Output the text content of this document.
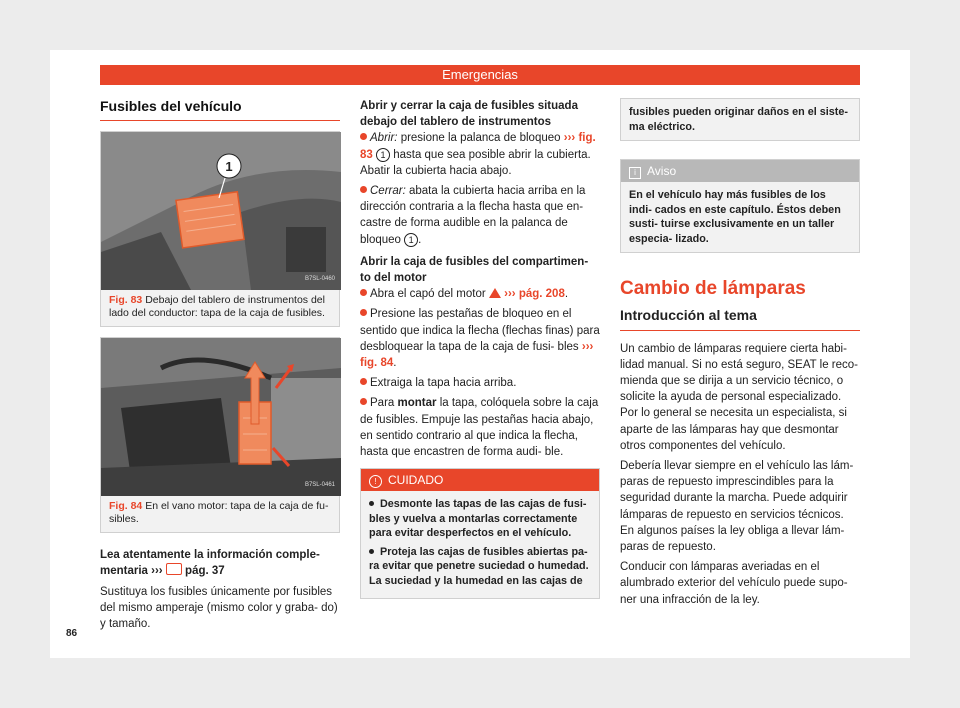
Emergencias
Fusibles del vehículo
1
B7SL-0460
Fig. 83 Debajo del tablero de instrumentos del lado del conductor: tapa de la caja de fusibles.
B7SL-0461
Fig. 84 En el vano motor: tapa de la caja de fu- sibles.

Lea atentamente la información comple- mentaria ››› pág. 37

Sustituya los fusibles únicamente por fusibles del mismo amperaje (mismo color y graba- do) y tamaño.

Abrir y cerrar la caja de fusibles situada debajo del tablero de instrumentos

Abrir: presione la palanca de bloqueo ››› fig. 83 1 hasta que sea posible abrir la cubierta. Abatir la cubierta hacia abajo.

Cerrar: abata la cubierta hacia arriba en la dirección contraria a la flecha hasta que en- castre de forma audible en la palanca de bloqueo 1 .

Abrir la caja de fusibles del compartimen- to del motor

Abra el capó del motor ››› pág. 208.

Presione las pestañas de bloqueo en el sentido que indica la flecha (flechas finas) para desbloquear la tapa de la caja de fusi- bles ››› fig. 84.

Extraiga la tapa hacia arriba.

Para montar la tapa, colóquela sobre la caja de fusibles. Empuje las pestañas hacia abajo, en sentido contrario al que indica la flecha, hasta que encastren de forma audi- ble.

! CUIDADO

Desmonte las tapas de las cajas de fusi- bles y vuelva a montarlas correctamente para evitar desperfectos en el vehículo.

Proteja las cajas de fusibles abiertas pa- ra evitar que penetre suciedad o humedad. La suciedad y la humedad en las cajas de

fusibles pueden originar daños en el siste- ma eléctrico.
i Aviso
En el vehículo hay más fusibles de los indi- cados en este capítulo. Éstos deben susti- tuirse exclusivamente en un taller especia- lizado.
Cambio de lámparas
Introducción al tema

Un cambio de lámparas requiere cierta habi- lidad manual. Si no está seguro, SEAT le reco- mienda que se dirija a un servicio técnico, o solicite la ayuda de personal especializado. Por lo general se necesita un especialista, si aparte de las lámparas hay que desmontar otros componentes del vehículo.

Debería llevar siempre en el vehículo las lám- paras de repuesto imprescindibles para la seguridad durante la marcha. Puede adquirir lámparas de repuesto en servicios técnicos. En algunos países la ley obliga a llevar lám- paras de repuesto.

Conducir con lámparas averiadas en el alumbrado exterior del vehículo puede supo- ner una infracción de la ley.

86
